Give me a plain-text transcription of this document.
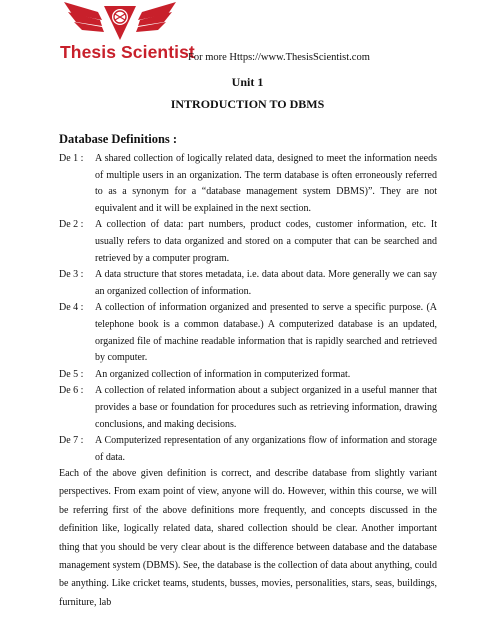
Thesis Scientist
For more Https://www.ThesisScientist.com
Unit 1
INTRODUCTION TO DBMS
Database Definitions :
De 1 :	A shared collection of logically related data, designed to meet the information needs of multiple users in an organization. The term database is often erroneously referred to as a synonym for a “database management system DBMS)”. They are not equivalent and it will be explained in the next section.
De 2 :	A collection of data: part numbers, product codes, customer information, etc. It usually refers to data organized and stored on a computer that can be searched and retrieved by a computer program.
De 3 :	A data structure that stores metadata, i.e. data about data. More generally we can say an organized collection of information.
De 4 :	A collection of information organized and presented to serve a specific purpose. (A telephone book is a common database.) A computerized database is an updated, organized file of machine readable information that is rapidly searched and retrieved by computer.
De 5 :	An organized collection of information in computerized format.
De 6 :	A collection of related information about a subject organized in a useful manner that provides a base or foundation for procedures such as retrieving information, drawing conclusions, and making decisions.
De 7 :	A Computerized representation of any organizations flow of information and storage of data.
Each of the above given definition is correct, and describe database from slightly variant perspectives. From exam point of view, anyone will do. However, within this course, we will be referring first of the above definitions more frequently, and concepts discussed in the definition like, logically related data, shared collection should be clear. Another important thing that you should be very clear about is the difference between database and the database management system (DBMS). See, the database is the collection of data about anything, could be anything. Like cricket teams, students, busses, movies, personalities, stars, seas, buildings, furniture, lab
